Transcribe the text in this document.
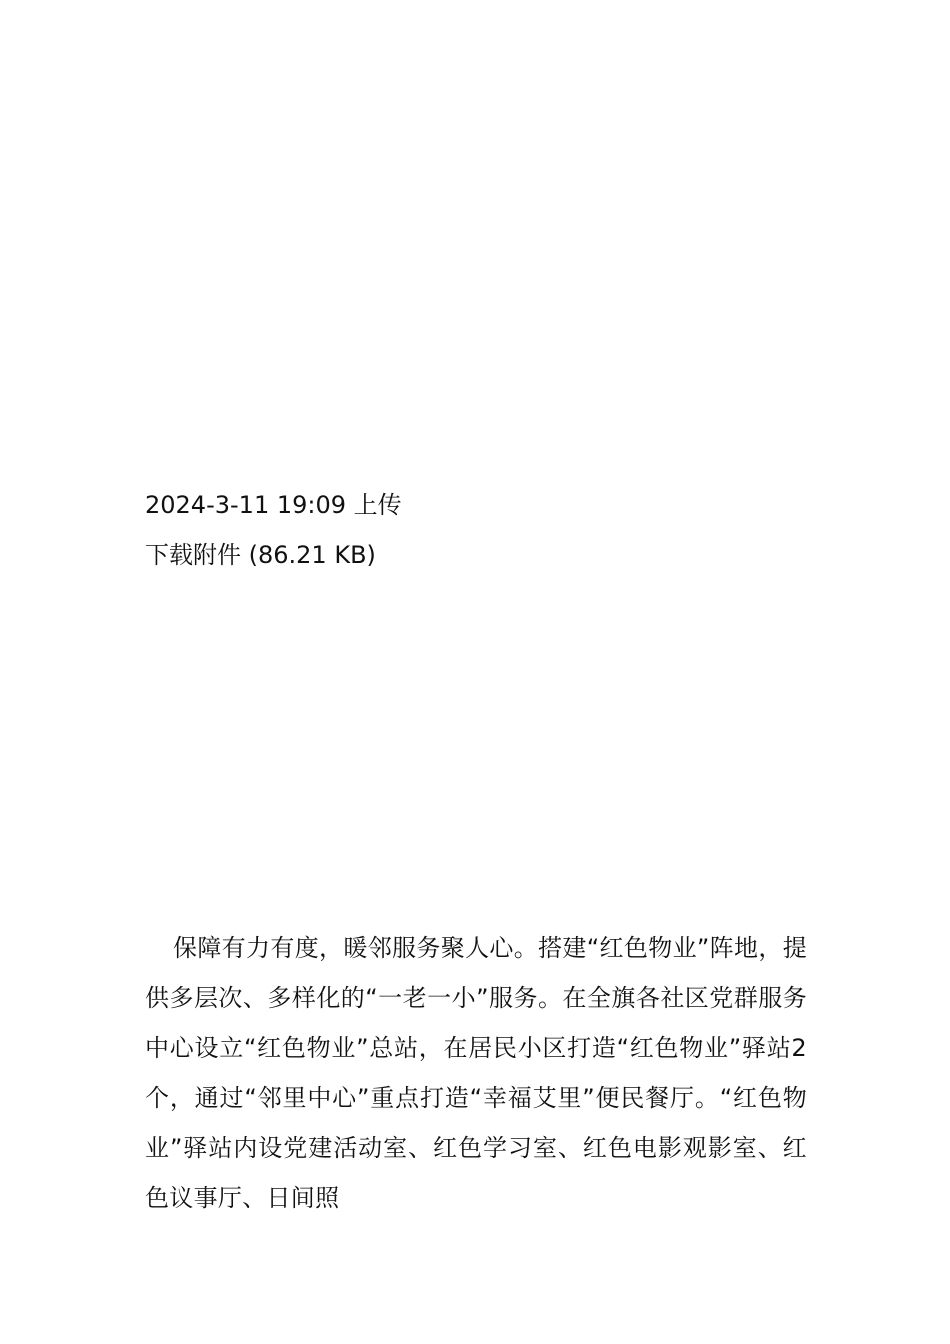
2024-3-11 19:09 上传
下载附件 (86.21 KB)

保障有力有度，暖邻服务聚人心。搭建“红色物业”阵地，提供多层次、多样化的“一老一小”服务。在全旗各社区党群服务中心设立“红色物业”总站，在居民小区打造“红色物业”驿站2个，通过“邻里中心”重点打造“幸福艾里”便民餐厅。“红色物业”驿站内设党建活动室、红色学习室、红色电影观影室、红色议事厅、日间照
